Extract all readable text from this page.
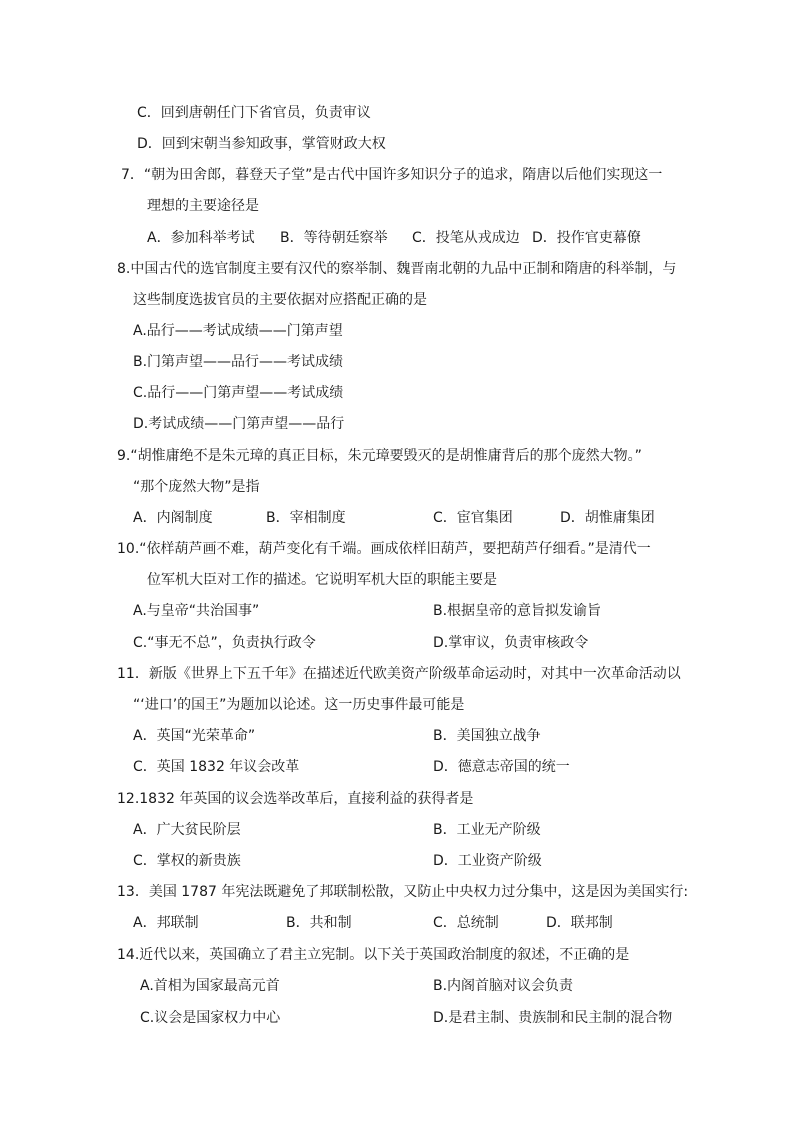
C．回到唐朝任门下省官员，负责审议
D．回到宋朝当参知政事，掌管财政大权
7．“朝为田舍郎，暮登天子堂”是古代中国许多知识分子的追求，隋唐以后他们实现这一
理想的主要途径是
A．参加科举考试 B．等待朝廷察举 C．投笔从戎成边 D．投作官吏幕僚
8.中国古代的选官制度主要有汉代的察举制、魏晋南北朝的九品中正制和隋唐的科举制，与
这些制度选拔官员的主要依据对应搭配正确的是
A.品行——考试成绩——门第声望
B.门第声望——品行——考试成绩
C.品行——门第声望——考试成绩
D.考试成绩——门第声望——品行
9.“胡惟庸绝不是朱元璋的真正目标，朱元璋要毁灭的是胡惟庸背后的那个庞然大物。”
“那个庞然大物”是指
A．内阁制度	B．宰相制度	C．宦官集团	D．胡惟庸集团
10.“依样葫芦画不难，葫芦变化有千端。画成依样旧葫芦，要把葫芦仔细看。”是清代一
位军机大臣对工作的描述。它说明军机大臣的职能主要是
A.与皇帝“共治国事”	B.根据皇帝的意旨拟发谕旨
C.“事无不总”，负责执行政令	D.掌审议，负责审核政令
11．新版《世界上下五千年》在描述近代欧美资产阶级革命运动时，对其中一次革命活动以
“‘进口’的国王”为题加以论述。这一历史事件最可能是
A．英国“光荣革命”	B．美国独立战争
C．英国 1832 年议会改革	D．德意志帝国的统一
12.1832 年英国的议会选举改革后，直接利益的获得者是
A．广大贫民阶层	B．工业无产阶级
C．掌权的新贵族	D．工业资产阶级
13．美国 1787 年宪法既避免了邦联制松散，又防止中央权力过分集中，这是因为美国实行:
A．邦联制	B．共和制	C．总统制	D．联邦制
14.近代以来，英国确立了君主立宪制。以下关于英国政治制度的叙述，不正确的是
A.首相为国家最高元首	B.内阁首脑对议会负责
C.议会是国家权力中心	D.是君主制、贵族制和民主制的混合物
